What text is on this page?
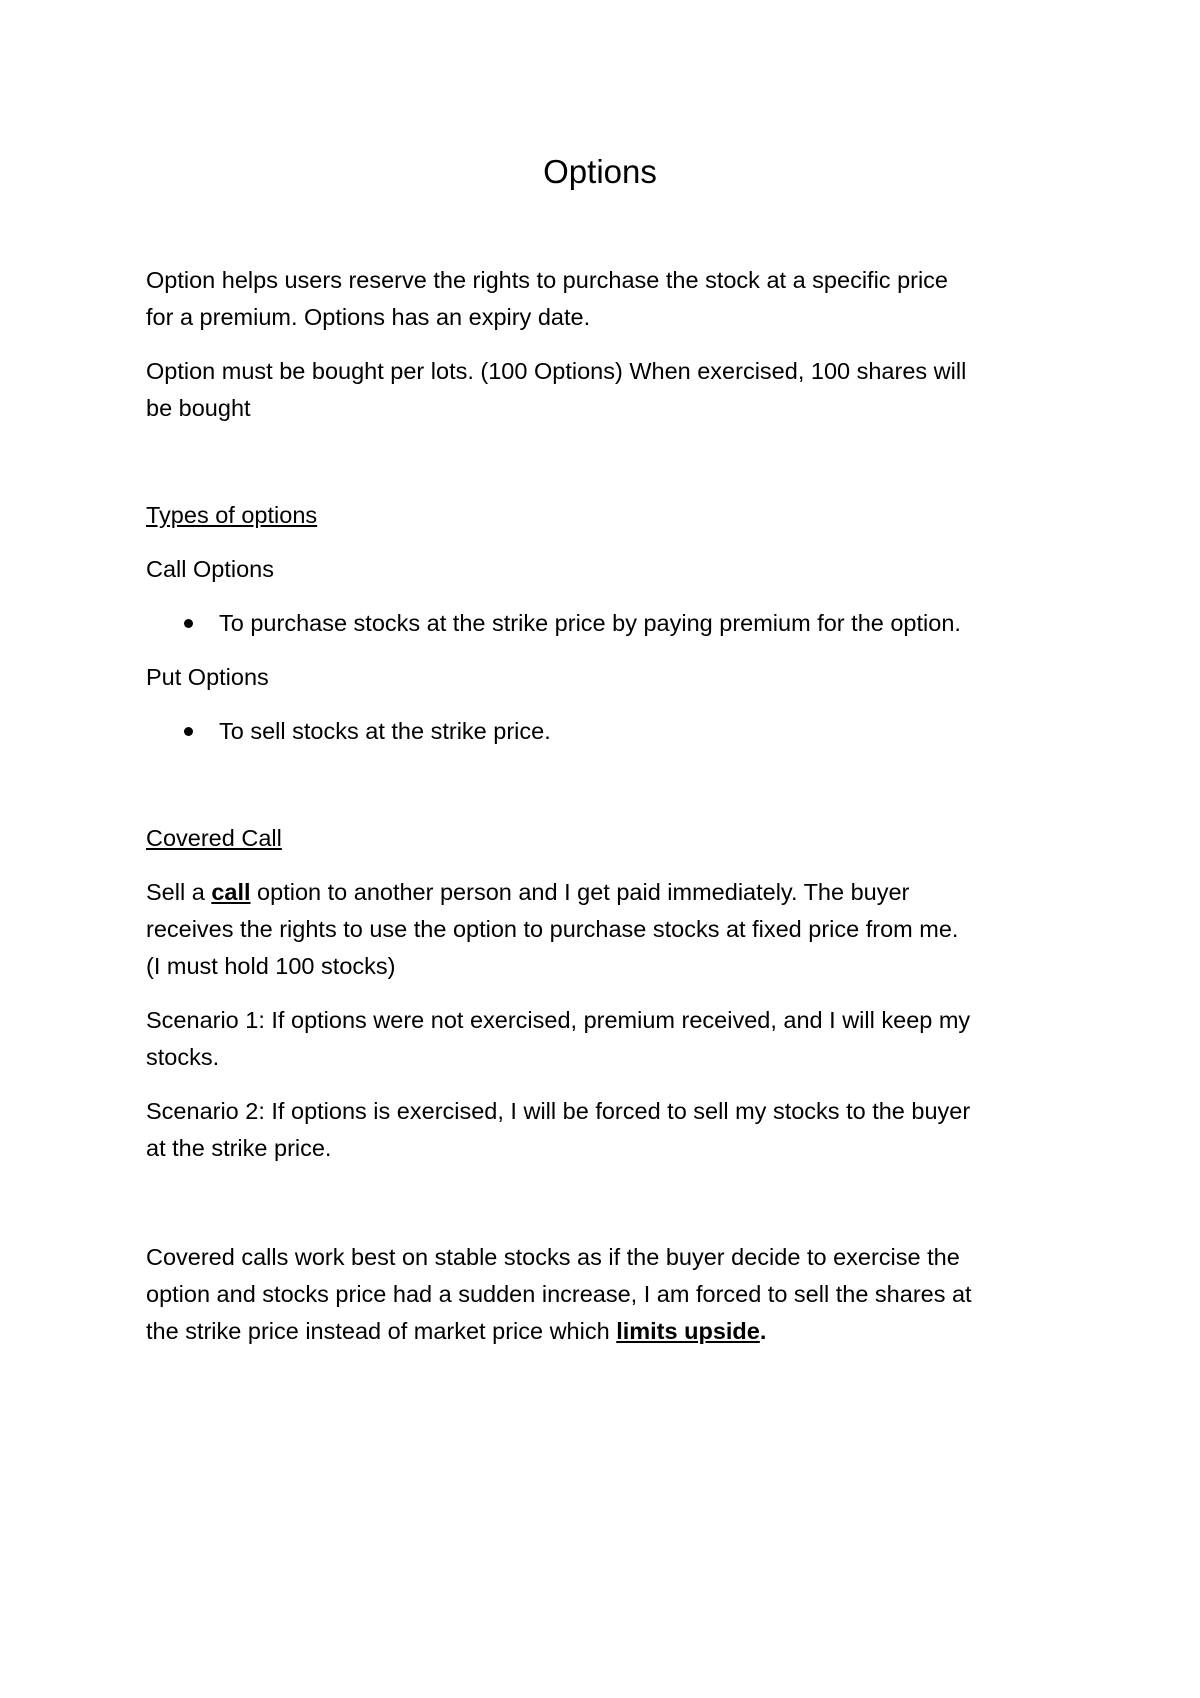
Options

Option helps users reserve the rights to purchase the stock at a specific price

for a premium. Options has an expiry date.

Option must be bought per lots. (100 Options) When exercised, 100 shares will

be bought

Types of options

Call Options

To purchase stocks at the strike price by paying premium for the option.

Put Options

To sell stocks at the strike price.

Covered Call

Sell a call option to another person and I get paid immediately. The buyer

receives the rights to use the option to purchase stocks at fixed price from me.

(I must hold 100 stocks)

Scenario 1: If options were not exercised, premium received, and I will keep my

stocks.

Scenario 2: If options is exercised, I will be forced to sell my stocks to the buyer

at the strike price.

Covered calls work best on stable stocks as if the buyer decide to exercise the

option and stocks price had a sudden increase, I am forced to sell the shares at

the strike price instead of market price which limits upside.
